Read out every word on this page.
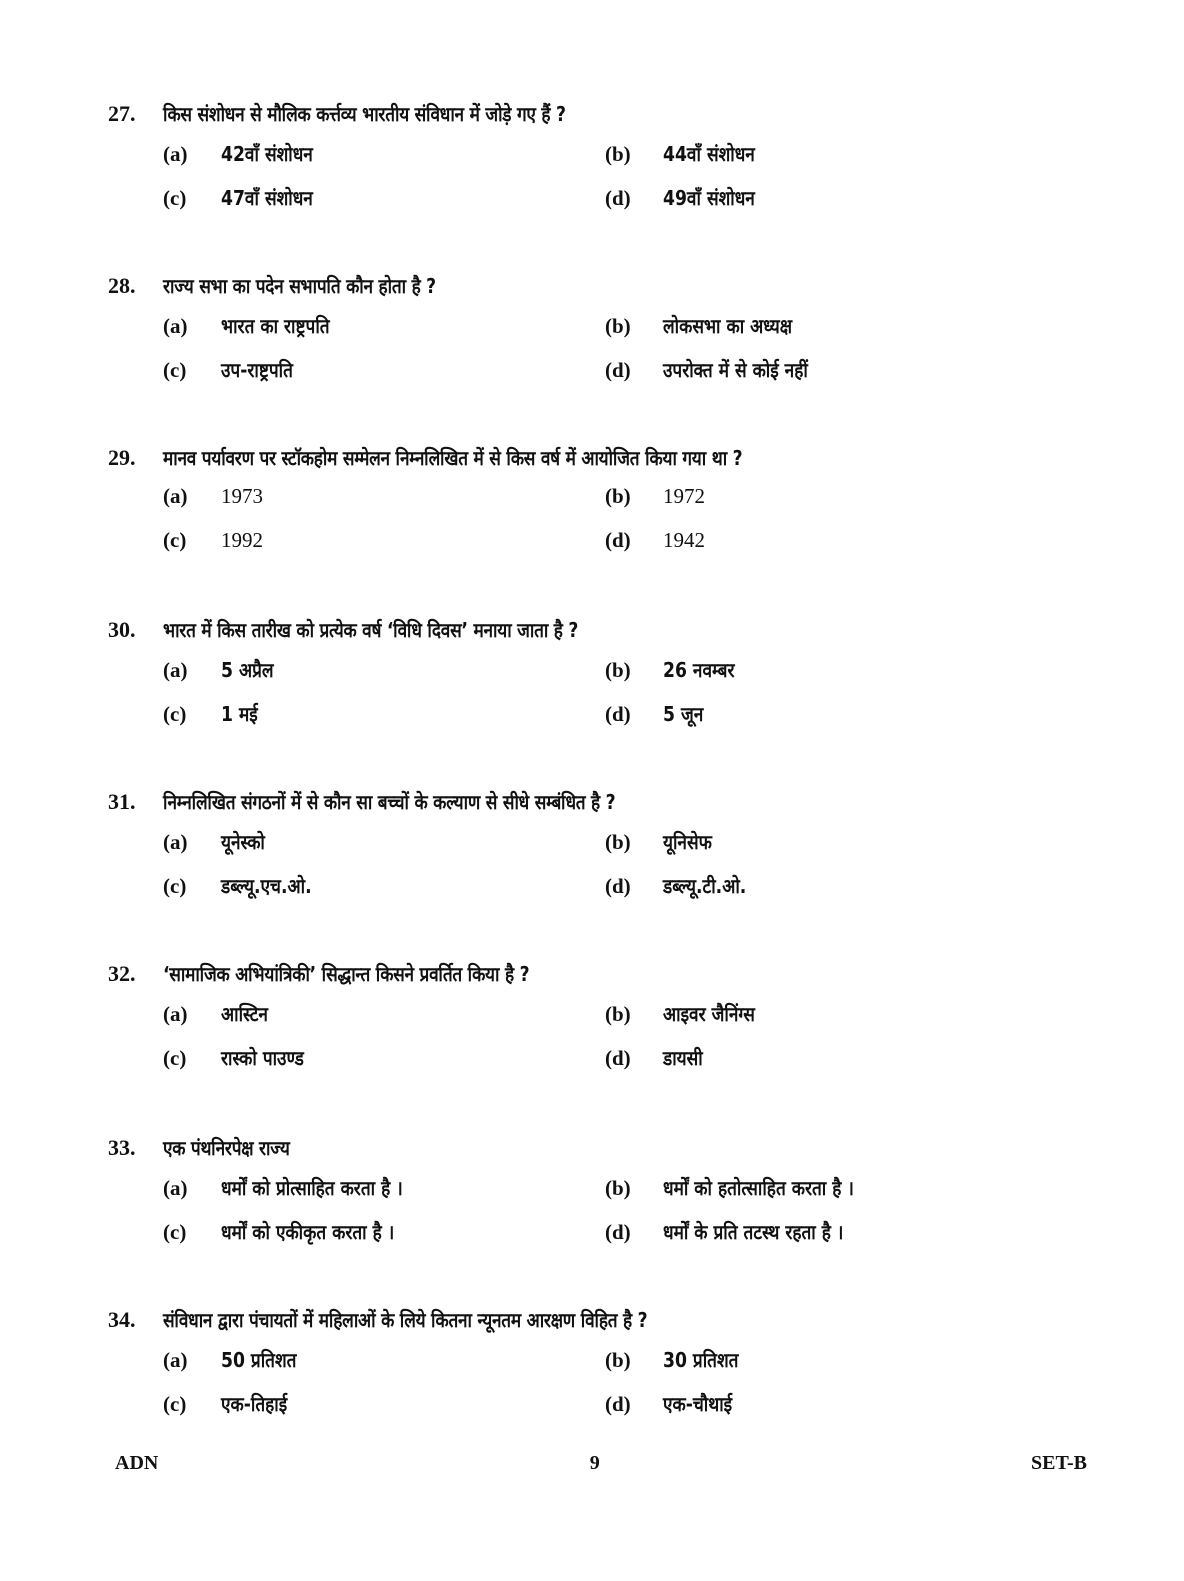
27.	किस संशोधन से मौलिक कर्त्तव्य भारतीय संविधान में जोड़े गए हैं ?
(a)	42वाँ संशोधन	(b)	44वाँ संशोधन
(c)	47वाँ संशोधन	(d)	49वाँ संशोधन
28.	राज्य सभा का पदेन सभापति कौन होता है ?
(a)	भारत का राष्ट्रपति	(b)	लोकसभा का अध्यक्ष
(c)	उप-राष्ट्रपति	(d)	उपरोक्त में से कोई नहीं
29.	मानव पर्यावरण पर स्टॉकहोम सम्मेलन निम्नलिखित में से किस वर्ष में आयोजित किया गया था ?
(a)	1973	(b)	1972
(c)	1992	(d)	1942
30.	भारत में किस तारीख को प्रत्येक वर्ष ‘विधि दिवस’ मनाया जाता है ?
(a)	5 अप्रैल	(b)	26 नवम्बर
(c)	1 मई	(d)	5 जून
31.	निम्नलिखित संगठनों में से कौन सा बच्चों के कल्याण से सीधे सम्बंधित है ?
(a)	यूनेस्को	(b)	यूनिसेफ
(c)	डब्ल्यू.एच.ओ.	(d)	डब्ल्यू.टी.ओ.
32.	‘सामाजिक अभियांत्रिकी’ सिद्धान्त किसने प्रवर्तित किया है ?
(a)	आस्टिन	(b)	आइवर जैनिंग्स
(c)	रास्को पाउण्ड	(d)	डायसी
33.	एक पंथनिरपेक्ष राज्य
(a)	धर्मों को प्रोत्साहित करता है ।	(b)	धर्मों को हतोत्साहित करता है ।
(c)	धर्मों को एकीकृत करता है ।	(d)	धर्मों के प्रति तटस्थ रहता है ।
34.	संविधान द्वारा पंचायतों में महिलाओं के लिये कितना न्यूनतम आरक्षण विहित है ?
(a)	50 प्रतिशत	(b)	30 प्रतिशत
(c)	एक-तिहाई	(d)	एक-चौथाई
ADN	9	SET-B
